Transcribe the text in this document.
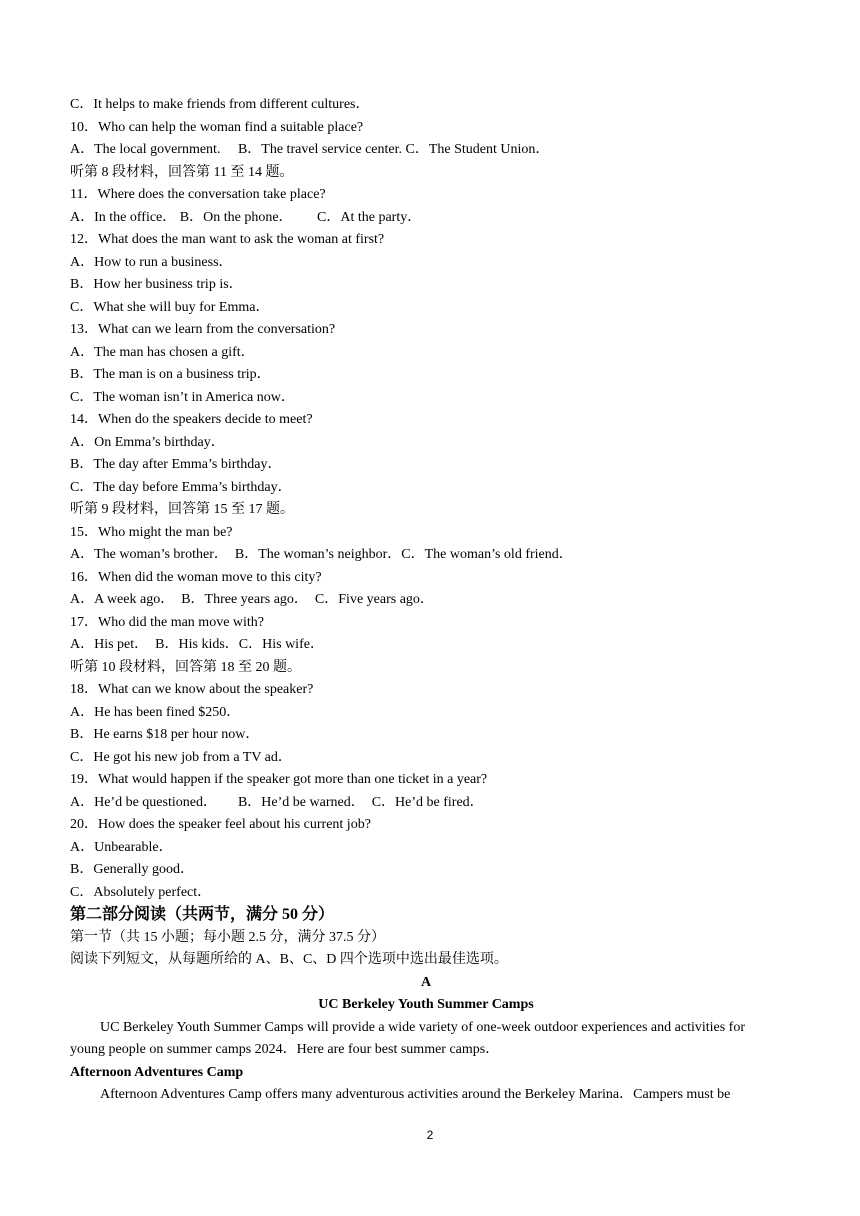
C．It helps to make friends from different cultures．
10．Who can help the woman find a suitable place?
A．The local government.　 B．The travel service center. C．The Student Union．
听第 8 段材料，回答第 11 至 14 题。
11．Where does the conversation take place?
A．In the office． B．On the phone．　　 C．At the party．
12．What does the man want to ask the woman at first?
A．How to run a business．
B．How her business trip is．
C．What she will buy for Emma．
13．What can we learn from the conversation?
A．The man has chosen a gift．
B．The man is on a business trip．
C．The woman isn’t in America now．
14．When do the speakers decide to meet?
A．On Emma’s birthday．
B．The day after Emma’s birthday．
C．The day before Emma’s birthday．
听第 9 段材料，回答第 15 至 17 题。
15．Who might the man be?
A．The woman’s brother．　B．The woman’s neighbor．C．The woman’s old friend．
16．When did the woman move to this city?
A．A week ago．　B．Three years ago．　C．Five years ago．
17．Who did the man move with?
A．His pet．　B．His kids．C．His wife．
听第 10 段材料，回答第 18 至 20 题。
18．What can we know about the speaker?
A．He has been fined $250．
B．He earns $18 per hour now．
C．He got his new job from a TV ad．
19．What would happen if the speaker got more than one ticket in a year?
A．He’d be questioned．　　B．He’d be warned．　C．He’d be fired．
20．How does the speaker feel about his current job?
A．Unbearable．
B．Generally good．
C．Absolutely perfect．
第二部分阅读（共两节，满分 50 分）
第一节（共 15 小题；每小题 2.5 分，满分 37.5 分）
阅读下列短文，从每题所给的 A、B、C、D 四个选项中选出最佳选项。
A
UC Berkeley Youth Summer Camps
UC Berkeley Youth Summer Camps will provide a wide variety of one-week outdoor experiences and activities for young people on summer camps 2024．Here are four best summer camps．
Afternoon Adventures Camp
Afternoon Adventures Camp offers many adventurous activities around the Berkeley Marina．Campers must be
2
